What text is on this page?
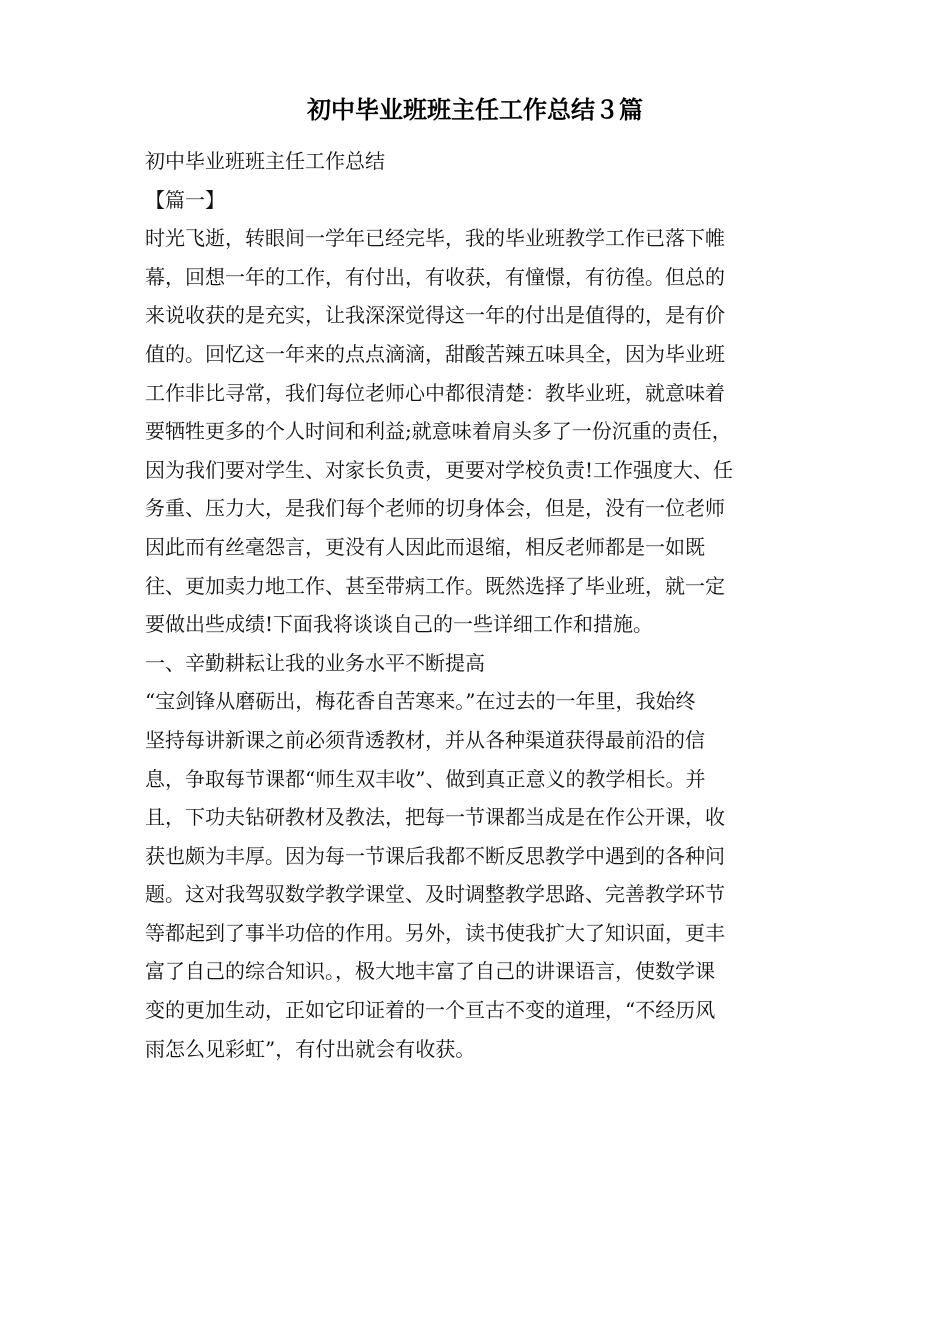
初中毕业班班主任工作总结３篇
初中毕业班班主任工作总结
【篇一】
时光飞逝，转眼间一学年已经完毕，我的毕业班教学工作已落下帷
幕，回想一年的工作，有付出，有收获，有憧憬，有彷徨。但总的
来说收获的是充实，让我深深觉得这一年的付出是值得的，是有价
值的。回忆这一年来的点点滴滴，甜酸苦辣五味具全，因为毕业班
工作非比寻常，我们每位老师心中都很清楚：教毕业班，就意味着
要牺牲更多的个人时间和利益;就意味着肩头多了一份沉重的责任，
因为我们要对学生、对家长负责，更要对学校负责!工作强度大、任
务重、压力大，是我们每个老师的切身体会，但是，没有一位老师
因此而有丝毫怨言，更没有人因此而退缩，相反老师都是一如既
往、更加卖力地工作、甚至带病工作。既然选择了毕业班，就一定
要做出些成绩!下面我将谈谈自己的一些详细工作和措施。
一、辛勤耕耘让我的业务水平不断提高
“宝剑锋从磨砺出，梅花香自苦寒来。”在过去的一年里，我始终
坚持每讲新课之前必须背透教材，并从各种渠道获得最前沿的信
息，争取每节课都“师生双丰收”、做到真正意义的教学相长。并
且，下功夫钻研教材及教法，把每一节课都当成是在作公开课，收
获也颇为丰厚。因为每一节课后我都不断反思教学中遇到的各种问
题。这对我驾驭数学教学课堂、及时调整教学思路、完善教学环节
等都起到了事半功倍的作用。另外，读书使我扩大了知识面，更丰
富了自己的综合知识。，极大地丰富了自己的讲课语言，使数学课
变的更加生动，正如它印证着的一个亘古不变的道理，“不经历风
雨怎么见彩虹”，有付出就会有收获。
